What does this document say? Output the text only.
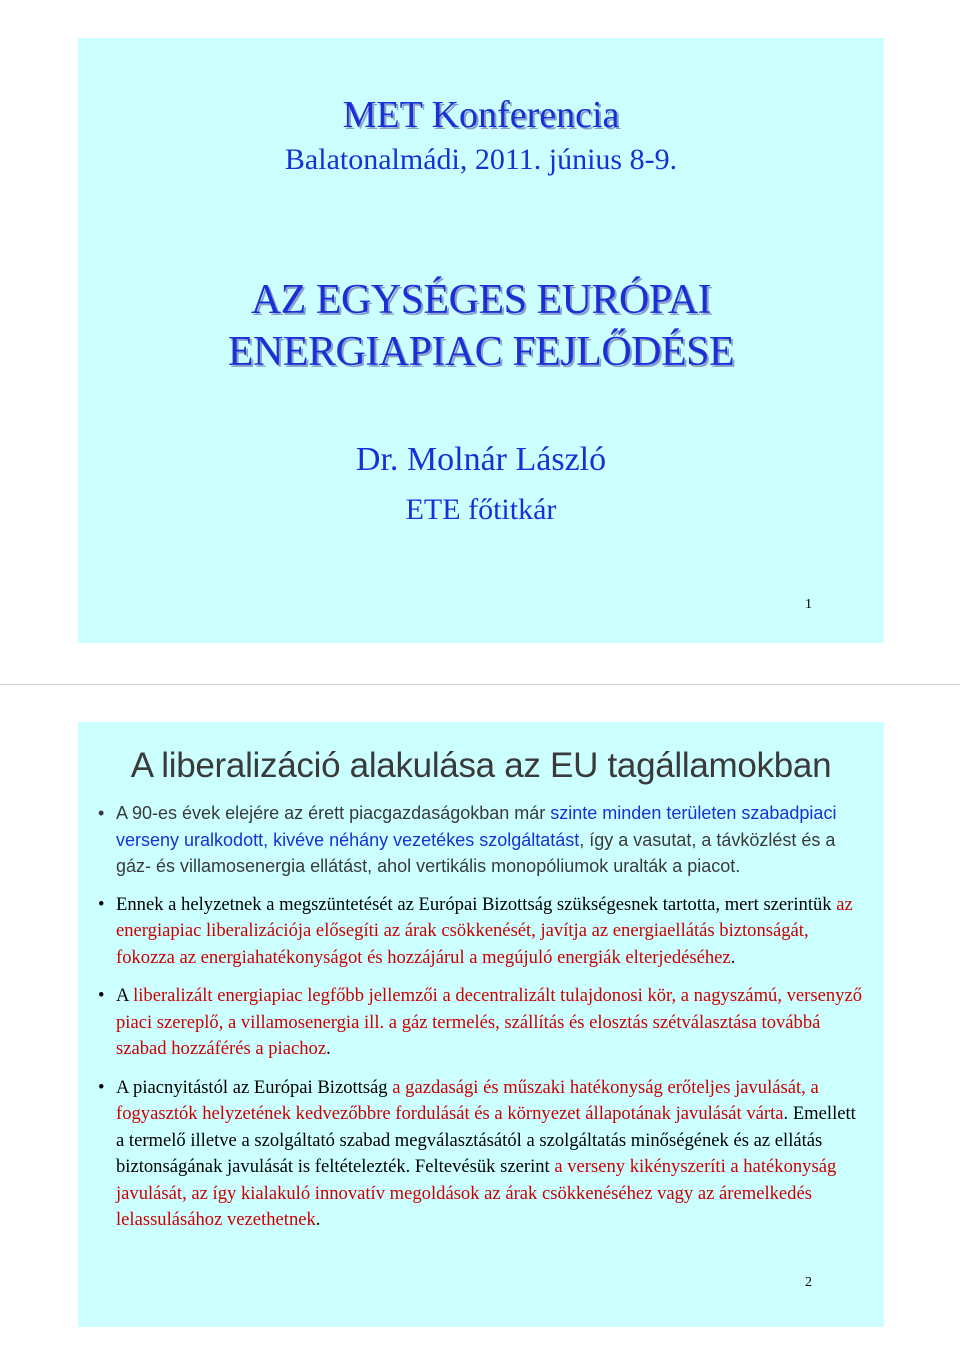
MET Konferencia
Balatonalmádi, 2011. június 8-9.
AZ EGYSÉGES EURÓPAI
ENERGIAPIAC FEJLŐDÉSE
Dr. Molnár László
ETE főtitkár
1
A liberalizáció alakulása az EU tagállamokban
• A 90-es évek elejére az érett piacgazdaságokban már szinte minden területen szabadpiaci verseny uralkodott, kivéve néhány vezetékes szolgáltatást, így a vasutat, a távközlést és a gáz- és villamosenergia ellátást, ahol vertikális monopóliumok uralták a piacot.
• Ennek a helyzetnek a megszüntetését az Európai Bizottság szükségesnek tartotta, mert szerintük az energiapiac liberalizációja elősegíti az árak csökkenését, javítja az energiaellátás biztonságát, fokozza az energiahatékonyságot és hozzájárul a megújuló energiák elterjedéséhez.
• A liberalizált energiapiac legfőbb jellemzői a decentralizált tulajdonosi kör, a nagyszámú, versenyző piaci szereplő, a villamosenergia ill. a gáz termelés, szállítás és elosztás szétválasztása továbbá szabad hozzáférés a piachoz.
• A piacnyitástól az Európai Bizottság a gazdasági és műszaki hatékonyság erőteljes javulását, a fogyasztók helyzetének kedvezőbbre fordulását és a környezet állapotának javulását várta. Emellett a termelő illetve a szolgáltató szabad megválasztásától a szolgáltatás minőségének és az ellátás biztonságának javulását is feltételezték. Feltevésük szerint a verseny kikényszeríti a hatékonyság javulását, az így kialakuló innovatív megoldások az árak csökkenéséhez vagy az áremelkedés lelassulásához vezethetnek.
2
